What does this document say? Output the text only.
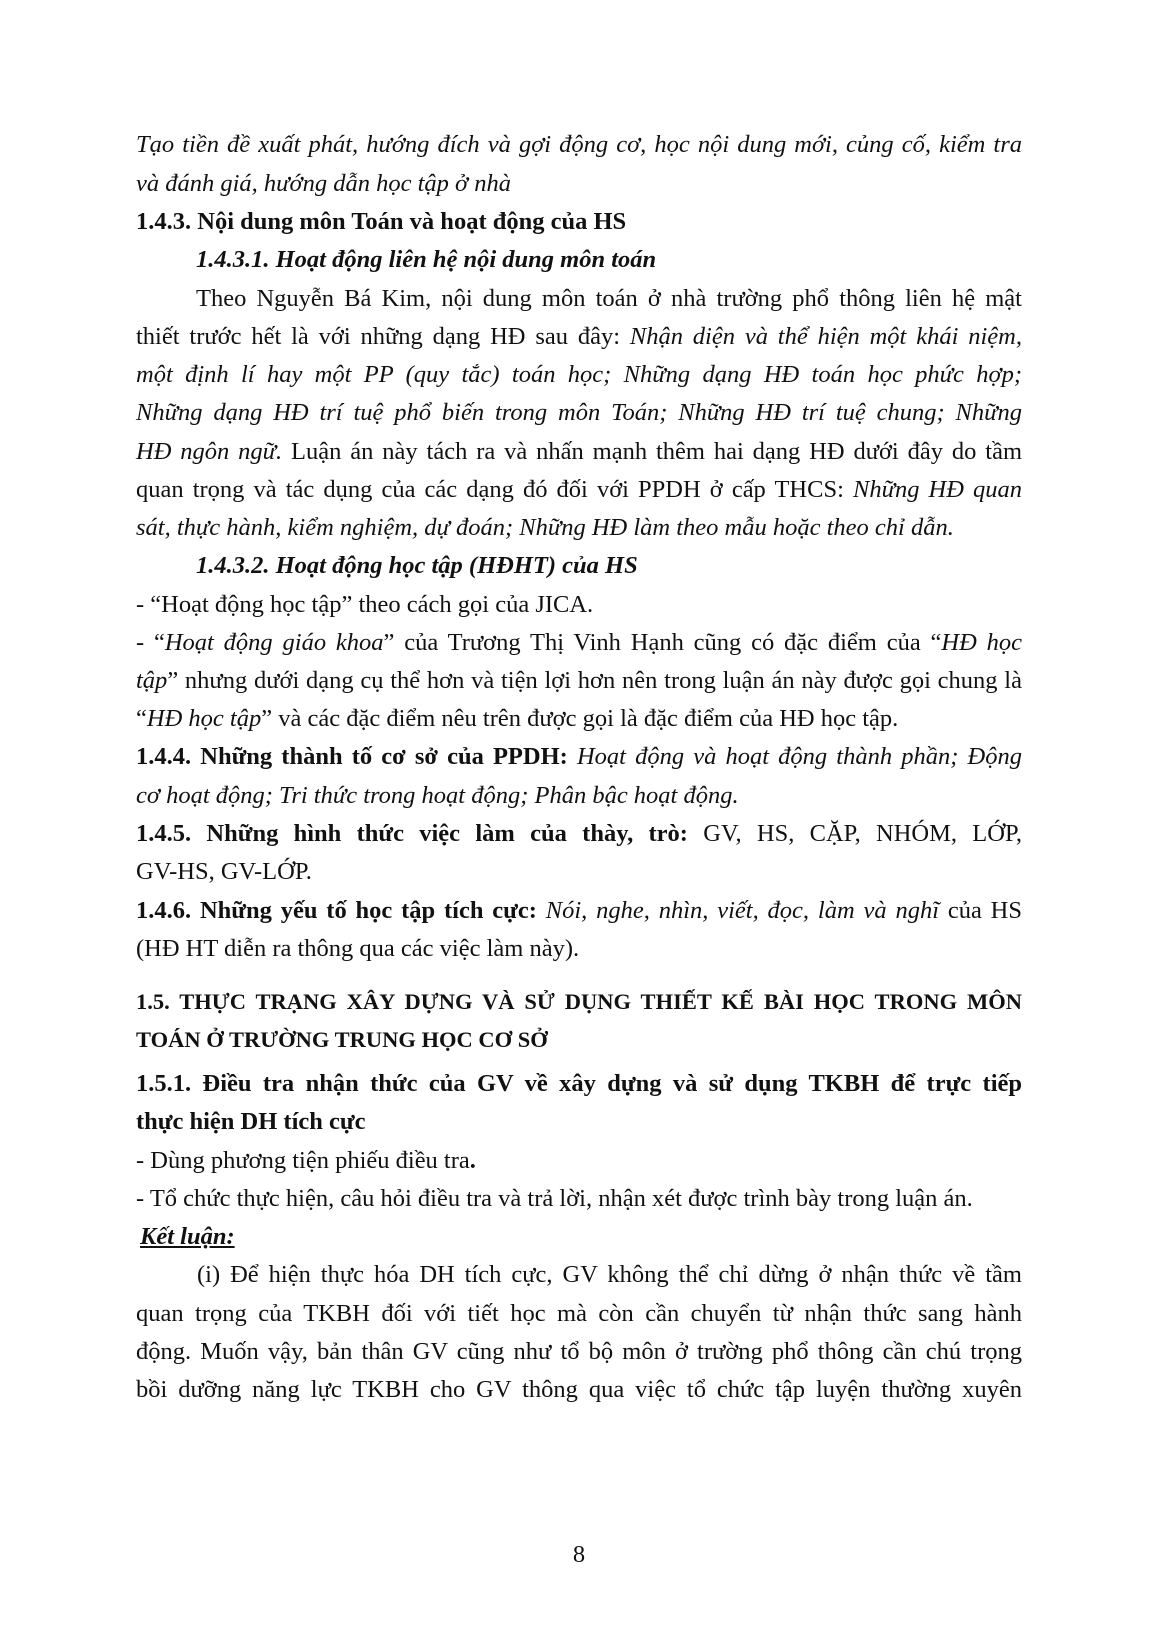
Tạo tiền đề xuất phát, hướng đích và gợi động cơ, học nội dung mới, củng cố, kiểm tra
và đánh giá, hướng dẫn học tập ở nhà
1.4.3. Nội dung môn Toán và hoạt động của HS
1.4.3.1. Hoạt động liên hệ nội dung môn toán
Theo Nguyễn Bá Kim, nội dung môn toán ở nhà trường phổ thông liên hệ mật
thiết trước hết là với những dạng HĐ sau đây: Nhận diện và thể hiện một khái niệm,
một định lí hay một PP (quy tắc) toán học; Những dạng HĐ toán học phức hợp;
Những dạng HĐ trí tuệ phổ biến trong môn Toán; Những HĐ trí tuệ chung; Những
HĐ ngôn ngữ. Luận án này tách ra và nhấn mạnh thêm hai dạng HĐ dưới đây do tầm
quan trọng và tác dụng của các dạng đó đối với PPDH ở cấp THCS: Những HĐ quan
sát, thực hành, kiểm nghiệm, dự đoán; Những HĐ làm theo mẫu hoặc theo chỉ dẫn.
1.4.3.2. Hoạt động học tập (HĐHT) của HS
- “Hoạt động học tập” theo cách gọi của JICA.
- “Hoạt động giáo khoa” của Trương Thị Vinh Hạnh cũng có đặc điểm của “HĐ học
tập” nhưng dưới dạng cụ thể hơn và tiện lợi hơn nên trong luận án này được gọi chung là
“HĐ học tập” và các đặc điểm nêu trên được gọi là đặc điểm của HĐ học tập.
1.4.4. Những thành tố cơ sở của PPDH: Hoạt động và hoạt động thành phần; Động
cơ hoạt động; Tri thức trong hoạt động; Phân bậc hoạt động.
1.4.5. Những hình thức việc làm của thày, trò: GV, HS, CẶP, NHÓM, LỚP,
GV-HS, GV-LỚP.
1.4.6. Những yếu tố học tập tích cực: Nói, nghe, nhìn, viết, đọc, làm và nghĩ của HS
(HĐ HT diễn ra thông qua các việc làm này).
1.5. THỰC TRẠNG XÂY DỰNG VÀ SỬ DỤNG THIẾT KẾ BÀI HỌC TRONG MÔN
TOÁN Ở TRƯỜNG TRUNG HỌC CƠ SỞ
1.5.1. Điều tra nhận thức của GV về xây dựng và sử dụng TKBH để trực tiếp
thực hiện DH tích cực
- Dùng phương tiện phiếu điều tra.
- Tổ chức thực hiện, câu hỏi điều tra và trả lời, nhận xét được trình bày trong luận án.
Kết luận:
(i) Để hiện thực hóa DH tích cực, GV không thể chỉ dừng ở nhận thức về tầm
quan trọng của TKBH đối với tiết học mà còn cần chuyển từ nhận thức sang hành
động. Muốn vậy, bản thân GV cũng như tổ bộ môn ở trường phổ thông cần chú trọng
bồi dưỡng năng lực TKBH cho GV thông qua việc tổ chức tập luyện thường xuyên
8
